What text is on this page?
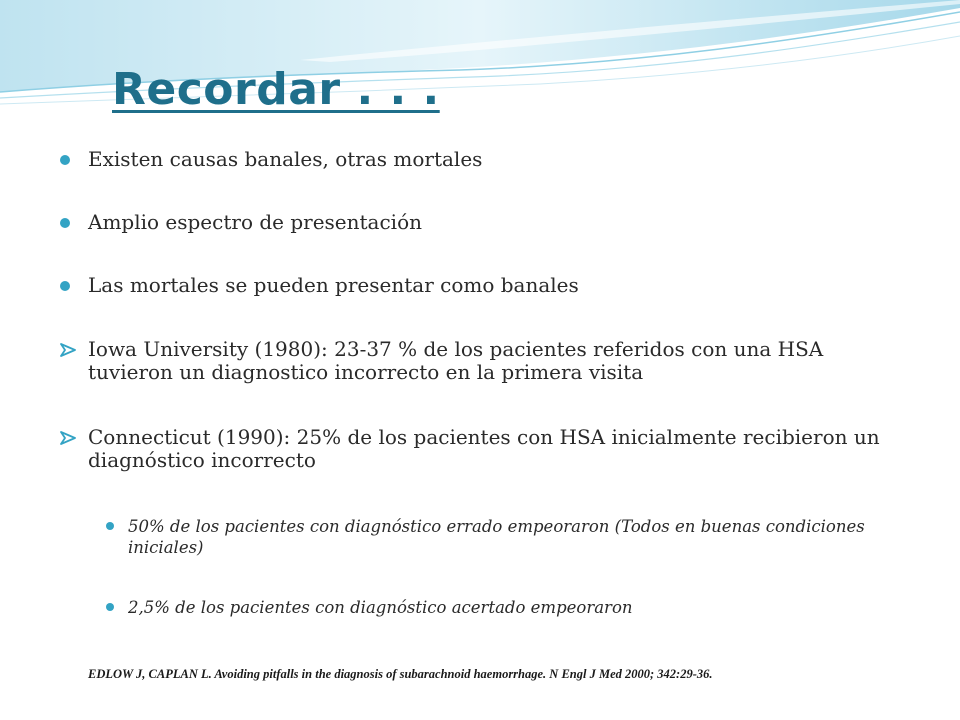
Recordar . . .
Existen causas banales, otras mortales
Amplio espectro de presentación
Las mortales se pueden presentar como banales
Iowa University (1980): 23-37 % de los pacientes referidos con una HSA tuvieron un diagnostico incorrecto en la primera visita
Connecticut (1990): 25% de los pacientes con HSA inicialmente recibieron un diagnóstico incorrecto
50% de los pacientes con diagnóstico errado empeoraron (Todos en buenas condiciones iniciales)
2,5% de los pacientes con diagnóstico acertado empeoraron
EDLOW J, CAPLAN L. Avoiding pitfalls in the diagnosis of subarachnoid haemorrhage. N Engl J Med 2000; 342:29-36.
